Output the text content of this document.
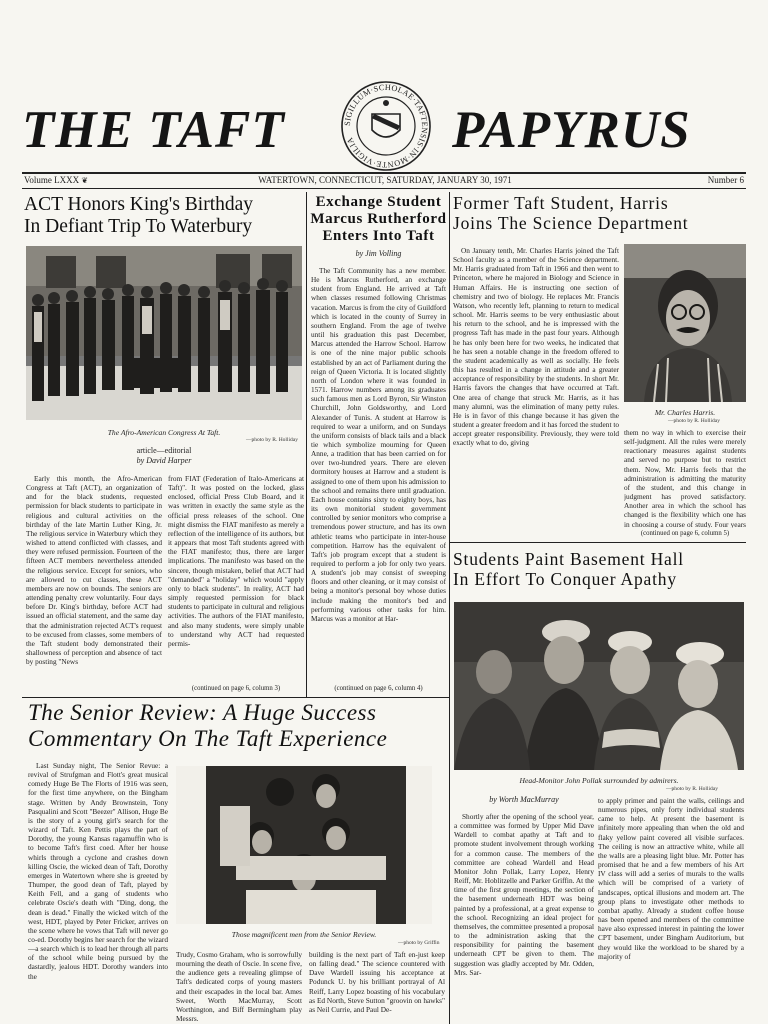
THE TAFT	PAPYRUS
SIGILLUM·SCHOLAE·TAFTENSIS·IN·MONTE·VIGILIA
Volume LXXX ❦	WATERTOWN, CONNECTICUT, SATURDAY, JANUARY 30, 1971	Number 6
ACT Honors King's Birthday
In Defiant Trip To Waterbury
The Afro-American Congress At Taft.
—photo by R. Holliday
article—editorial
by David Harper
Early this month, the Afro-American Congress at Taft (ACT), an organization of and for the black students, requested permission for black students to participate in religious and cultural activities on the birthday of the late Martin Luther King, Jr. The religious service in Waterbury which they wished to attend conflicted with classes, and they were refused permission. Fourteen of the fifteen ACT members nevertheless attended the religious service. Except for seniors, who are allowed to cut classes, these ACT members are now on bounds. The seniors are attending penalty crew voluntarily. Four days before Dr. King's birthday, before ACT had issued an official statement, and the same day that the administration rejected ACT's request to be excused from classes, some members of the Taft student body demonstrated their shallowness of perception and absence of tact by posting "News
from FIAT (Federation of Italo-Americans at Taft)". It was posted on the locked, glass enclosed, official Press Club Board, and it was written in exactly the same style as the official press releases of the school. One might dismiss the FIAT manifesto as merely a reflection of the intelligence of its authors, but it appears that most Taft students agreed with the FIAT manifesto; thus, there are larger implications. The manifesto was based on the sincere, though mistaken, belief that ACT had "demanded" a "holiday" which would "apply only to black students". In reality, ACT had simply requested permission for black students to participate in cultural and religious activities. The authors of the FIAT manifesto, and also many students, were simply unable to understand why ACT had requested permis-
(continued on page 6, column 3)
Exchange Student
Marcus Rutherford
Enters Into Taft
by Jim Volling
The Taft Community has a new member. He is Marcus Rutherford, an exchange student from England. He arrived at Taft when classes resumed following Christmas vacation. Marcus is from the city of Guildford which is located in the county of Surrey in southern England. From the age of twelve until his graduation this past December, Marcus attended the Harrow School. Harrow is one of the nine major public schools established by an act of Parliament during the reign of Queen Victoria. It is located slightly north of London where it was founded in 1571. Harrow numbers among its graduates such famous men as Lord Byron, Sir Winston Churchill, John Goldsworthy, and Lord Alexander of Tunis. A student at Harrow is required to wear a uniform, and on Sundays the uniform consists of black tails and a black tie which symbolize mourning for Queen Anne, a tradition that has been carried on for over two-hundred years. There are eleven dormitory houses at Harrow and a student is assigned to one of them upon his admission to the school and remains there until graduation. Each house contains sixty to eighty boys, has its own monitorial student government controlled by senior monitors who comprise a tremendous power structure, and has its own athletic teams who participate in inter-house competition. Harrow has the equivalent of Taft's job program except that a student is required to perform a job for only two years. A student's job may consist of sweeping floors and other cleaning, or it may consist of being a monitor's personal boy whose duties include making the monitor's bed and performing various other tasks for him. Marcus was a monitor at Har-
(continued on page 6, column 4)
Former Taft Student, Harris
Joins The Science Department
On January tenth, Mr. Charles Harris joined the Taft School faculty as a member of the Science department. Mr. Harris graduated from Taft in 1966 and then went to Princeton, where he majored in Biology and Science in Human Affairs. He is instructing one section of chemistry and two of biology. He replaces Mr. Francis Watson, who recently left, planning to return to medical school. Mr. Harris seems to be very enthusiastic about his return to the school, and he is impressed with the progress Taft has made in the past four years. Although he has only been here for two weeks, he indicated that he has seen a notable change in the freedom offered to the student academically as well as socially. He feels this has resulted in a change in attitude and a greater acceptance of responsibility by the students. In short Mr. Harris favors the changes that have occurred at Taft. One area of change that struck Mr. Harris, as it has many alumni, was the elimination of many petty rules. He is in favor of this change because it has given the student a greater freedom and it has forced the student to accept greater responsibility. Previously, they were told exactly what to do, giving
Mr. Charles Harris.
—photo by R. Holliday
them no way in which to exercise their self-judgment. All the rules were merely reactionary measures against students and served no purpose but to restrict them. Now, Mr. Harris feels that the administration is admitting the maturity of the student, and this change in judgment has proved satisfactory. Another area in which the school has changed is the flexibility which one has in choosing a course of study. Four years
(continued on page 6, column 5)
Students Paint Basement Hall
In Effort To Conquer Apathy
Head-Monitor John Pollak surrounded by admirers.
—photo by R. Holliday
by Worth MacMurray
Shortly after the opening of the school year, a committee was formed by Upper Mid Dave Wardell to combat apathy at Taft and to promote student involvement through working for a common cause. The members of the committee are cohead Wardell and Head Monitor John Pollak, Larry Lopez, Henry Reiff, Mr. Hoblitzelle and Parker Griffin. At the time of the first group meetings, the section of the basement underneath HDT was being painted by a professional, at a great expense to the school. Recognizing an ideal project for themselves, the committee presented a proposal to the administration asking that the responsibility for painting the basement underneath CPT be given to them. The suggestion was gladly accepted by Mr. Odden, Mrs. Sar-
to apply primer and paint the walls, ceilings and numerous pipes, only forty individual students came to help. At present the basement is infinitely more appealing than when the old and flaky yellow paint covered all visible surfaces. The ceiling is now an attractive white, while all the walls are a pleasing light blue. Mr. Potter has promised that he and a few members of his Art IV class will add a series of murals to the walls which will be comprised of a variety of landscapes, optical illusions and modern art. The group plans to investigate other methods to combat apathy. Already a student coffee house has been opened and members of the committee have also expressed interest in painting the lower CPT basement, under Bingham Auditorium, but they would like the workload to be shared by a majority of
The Senior Review: A Huge Success
Commentary On The Taft Experience
Last Sunday night, The Senior Revue: a revival of Strufgman and Flott's great musical comedy Huge Be The Florts of 1916 was seen, for the first time anywhere, on the Bingham stage. Written by Andy Brownstein, Tony Pasqualini and Scott "Beezer" Allison, Huge Be is the story of a young girl's search for the wizard of Taft. Ken Pettis plays the part of Dorothy, the young Kansas ragamuffin who is to become Taft's first coed. After her house whirls through a cyclone and crashes down killing Oscie, the wicked dean of Taft, Dorothy emerges in Watertown where she is greeted by Thumper, the good dean of Taft, played by Keith Fell, and a gang of students who celebrate Oscie's death with "Ding, dong, the dean is dead." Finally the wicked witch of the west, HDT, played by Peter Fricker, arrives on the scene where he vows that Taft will never go co-ed. Dorothy begins her search for the wizard—a search which is to lead her through all parts of the school while being pursued by the dastardly, jealous HDT. Dorothy wanders into the
Those magnificent men from the Senior Review.
—photo by Griffin
Trudy, Cosmo Graham, who is sorrowfully mourning the death of Oscie. In scene five, the audience gets a revealing glimpse of Taft's dedicated corps of young masters and their escapades in the local bar. Ames Sweet, Worth MacMurray, Scott Worthington, and Biff Bermingham play Messrs.
building is the next part of Taft en-just keep on falling dead." The science countered with Dave Wardell issuing his acceptance at Podunck U. by his brilliant portrayal of Al Reiff, Larry Lopez boasting of his vocabulary as Ed North, Steve Sutton "groovin on hawks" as Neil Currie, and Paul De-
